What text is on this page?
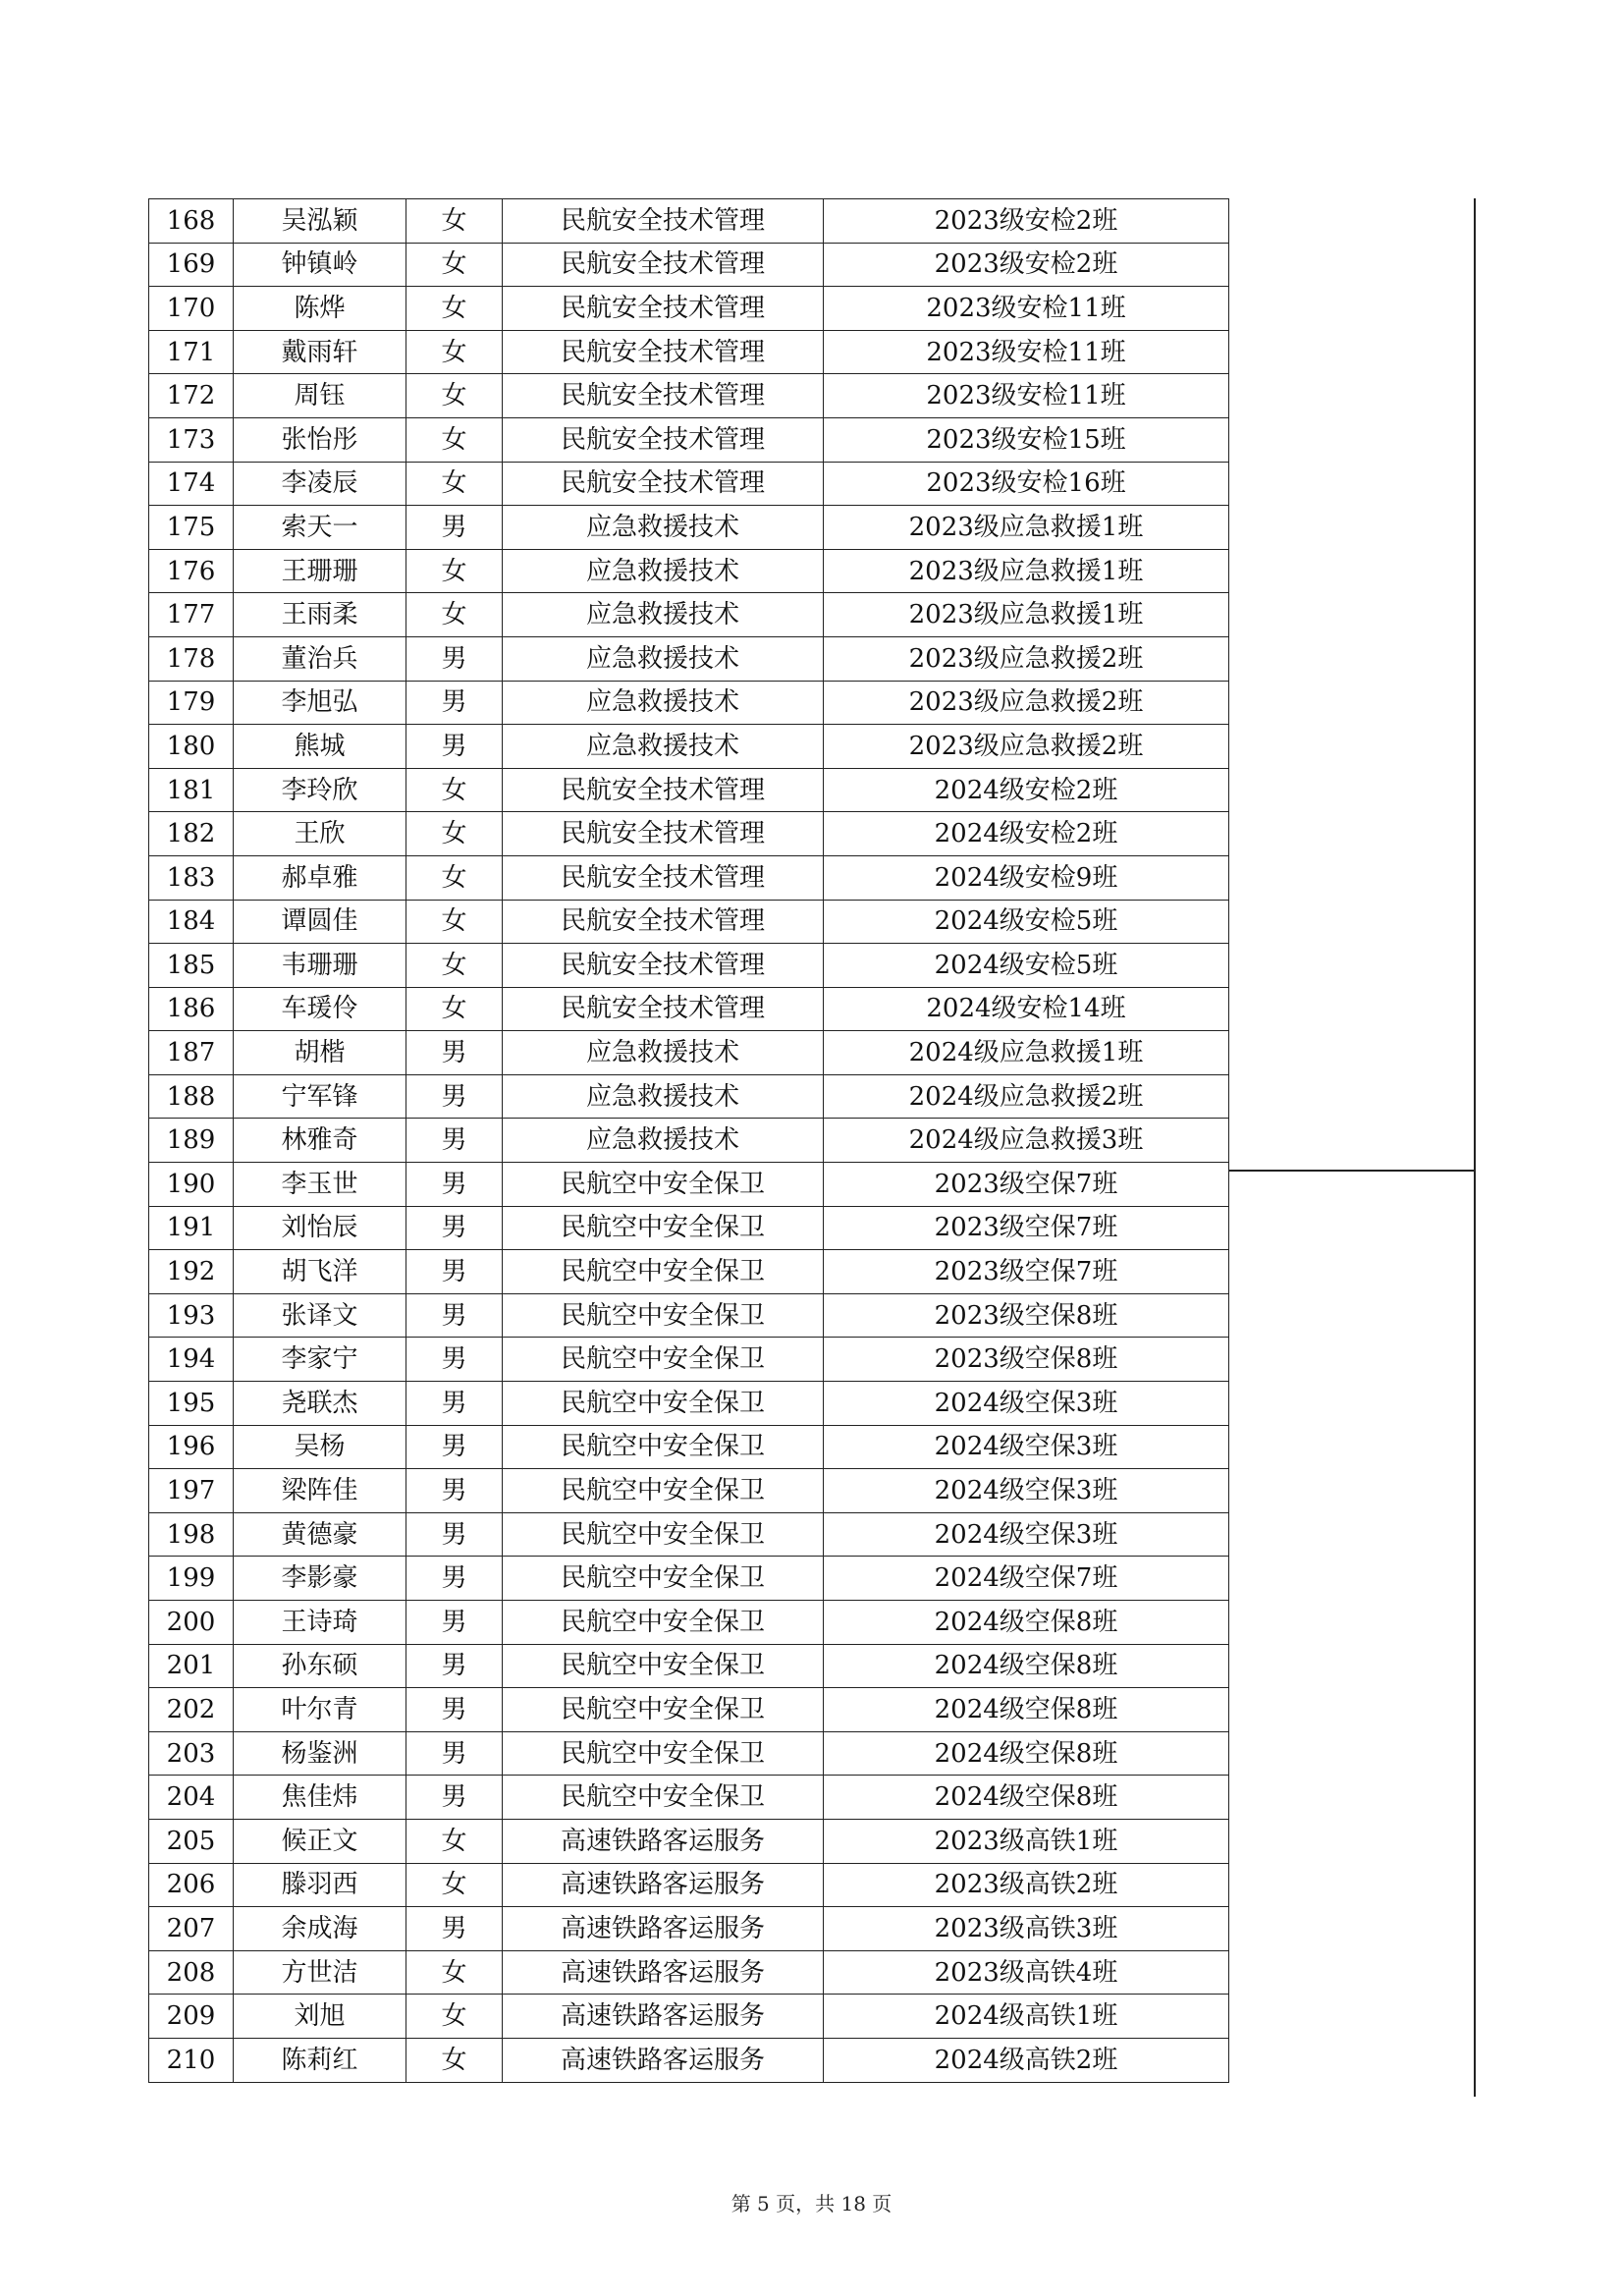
168	吴泓颖	女	民航安全技术管理	2023级安检2班
169	钟镇岭	女	民航安全技术管理	2023级安检2班
170	陈烨	女	民航安全技术管理	2023级安检11班
171	戴雨轩	女	民航安全技术管理	2023级安检11班
172	周钰	女	民航安全技术管理	2023级安检11班
173	张怡彤	女	民航安全技术管理	2023级安检15班
174	李凌辰	女	民航安全技术管理	2023级安检16班
175	索天一	男	应急救援技术	2023级应急救援1班
176	王珊珊	女	应急救援技术	2023级应急救援1班
177	王雨柔	女	应急救援技术	2023级应急救援1班
178	董治兵	男	应急救援技术	2023级应急救援2班
179	李旭弘	男	应急救援技术	2023级应急救援2班
180	熊城	男	应急救援技术	2023级应急救援2班
181	李玲欣	女	民航安全技术管理	2024级安检2班
182	王欣	女	民航安全技术管理	2024级安检2班
183	郝卓雅	女	民航安全技术管理	2024级安检9班
184	谭圆佳	女	民航安全技术管理	2024级安检5班
185	韦珊珊	女	民航安全技术管理	2024级安检5班
186	车瑗伶	女	民航安全技术管理	2024级安检14班
187	胡楷	男	应急救援技术	2024级应急救援1班
188	宁军锋	男	应急救援技术	2024级应急救援2班
189	林雅奇	男	应急救援技术	2024级应急救援3班
190	李玉世	男	民航空中安全保卫	2023级空保7班
191	刘怡辰	男	民航空中安全保卫	2023级空保7班
192	胡飞洋	男	民航空中安全保卫	2023级空保7班
193	张译文	男	民航空中安全保卫	2023级空保8班
194	李家宁	男	民航空中安全保卫	2023级空保8班
195	尧联杰	男	民航空中安全保卫	2024级空保3班
196	吴杨	男	民航空中安全保卫	2024级空保3班
197	梁阵佳	男	民航空中安全保卫	2024级空保3班
198	黄德豪	男	民航空中安全保卫	2024级空保3班
199	李影豪	男	民航空中安全保卫	2024级空保7班
200	王诗琦	男	民航空中安全保卫	2024级空保8班
201	孙东硕	男	民航空中安全保卫	2024级空保8班
202	叶尔青	男	民航空中安全保卫	2024级空保8班
203	杨鉴洲	男	民航空中安全保卫	2024级空保8班
204	焦佳炜	男	民航空中安全保卫	2024级空保8班
205	候正文	女	高速铁路客运服务	2023级高铁1班
206	滕羽西	女	高速铁路客运服务	2023级高铁2班
207	余成海	男	高速铁路客运服务	2023级高铁3班
208	方世洁	女	高速铁路客运服务	2023级高铁4班
209	刘旭	女	高速铁路客运服务	2024级高铁1班
210	陈莉红	女	高速铁路客运服务	2024级高铁2班
第 5 页，共 18 页
